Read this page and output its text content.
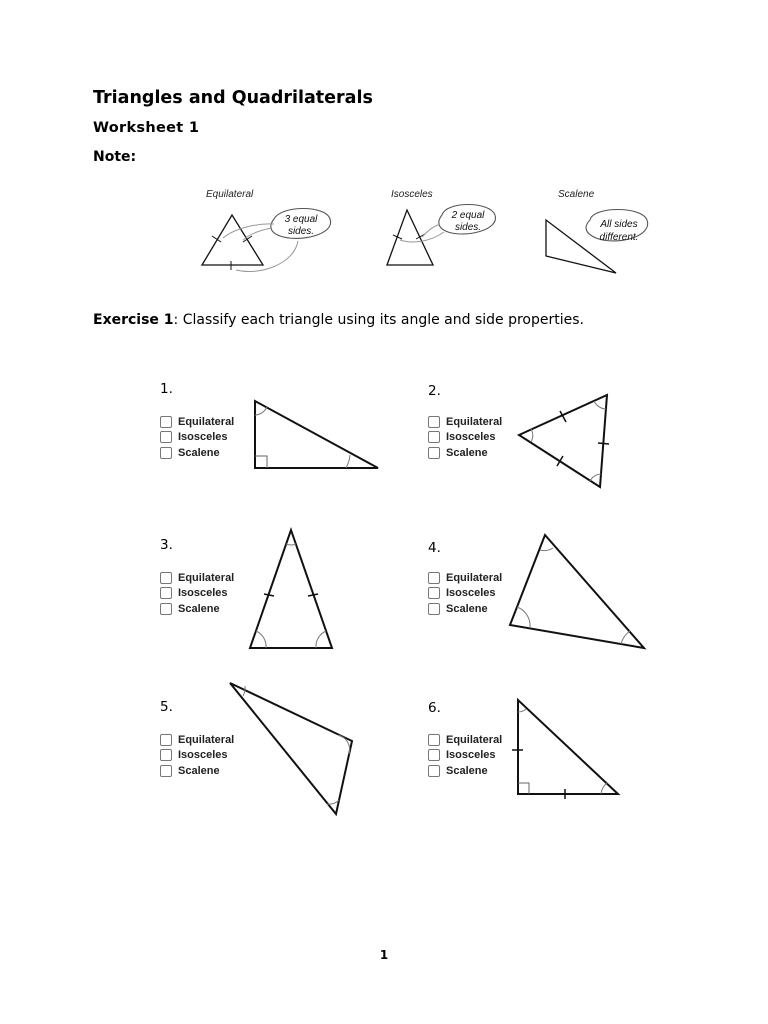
Triangles and Quadrilaterals
Worksheet 1
Note:
Equilateral
3 equal
sides.
Isosceles
2 equal
sides.
Scalene
All sides
different.
Exercise 1: Classify each triangle using its angle and side properties.
1.
Equilateral
Isosceles
Scalene
2.
Equilateral
Isosceles
Scalene
3.
Equilateral
Isosceles
Scalene
4.
Equilateral
Isosceles
Scalene
5.
Equilateral
Isosceles
Scalene
6.
Equilateral
Isosceles
Scalene
1
